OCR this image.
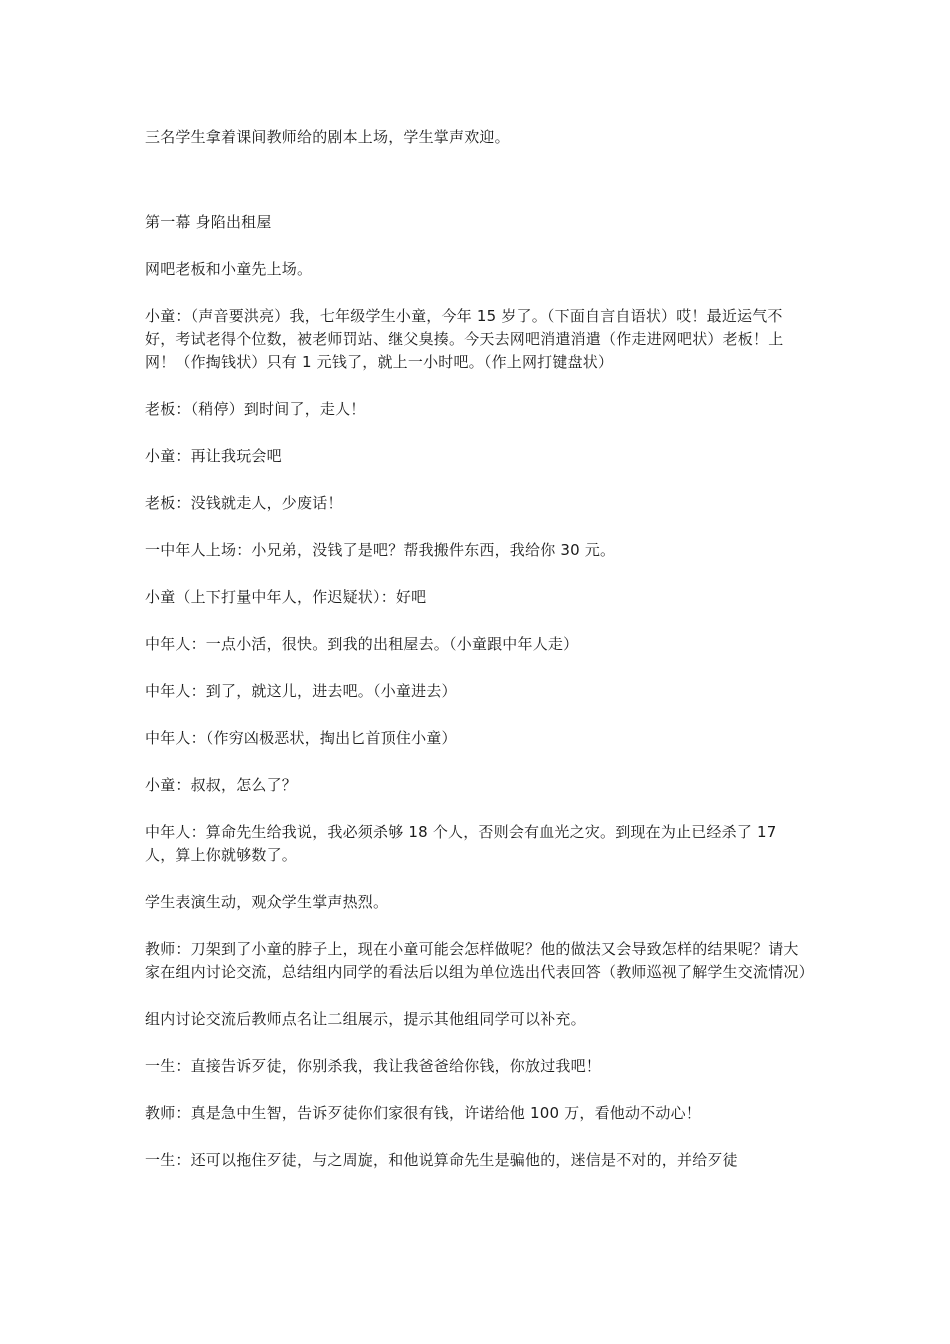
三名学生拿着课间教师给的剧本上场，学生掌声欢迎。

第一幕 身陷出租屋

网吧老板和小童先上场。

小童：（声音要洪亮）我，七年级学生小童，今年 15 岁了。（下面自言自语状）哎！最近运气不好，考试老得个位数，被老师罚站、继父臭揍。今天去网吧消遣消遣（作走进网吧状）老板！上网！（作掏钱状）只有 1 元钱了，就上一小时吧。（作上网打键盘状）

老板：（稍停）到时间了，走人！

小童：再让我玩会吧

老板：没钱就走人，少废话！

一中年人上场：小兄弟，没钱了是吧？帮我搬件东西，我给你 30 元。

小童（上下打量中年人，作迟疑状）：好吧

中年人：一点小活，很快。到我的出租屋去。（小童跟中年人走）

中年人：到了，就这儿，进去吧。（小童进去）

中年人：（作穷凶极恶状，掏出匕首顶住小童）

小童：叔叔，怎么了？

中年人：算命先生给我说，我必须杀够 18 个人，否则会有血光之灾。到现在为止已经杀了 17 人，算上你就够数了。

学生表演生动，观众学生掌声热烈。

教师：刀架到了小童的脖子上，现在小童可能会怎样做呢？他的做法又会导致怎样的结果呢？请大家在组内讨论交流，总结组内同学的看法后以组为单位选出代表回答（教师巡视了解学生交流情况）

组内讨论交流后教师点名让二组展示，提示其他组同学可以补充。

一生：直接告诉歹徒，你别杀我，我让我爸爸给你钱，你放过我吧！

教师：真是急中生智，告诉歹徒你们家很有钱，许诺给他 100 万，看他动不动心！

一生：还可以拖住歹徒，与之周旋，和他说算命先生是骗他的，迷信是不对的，并给歹徒
